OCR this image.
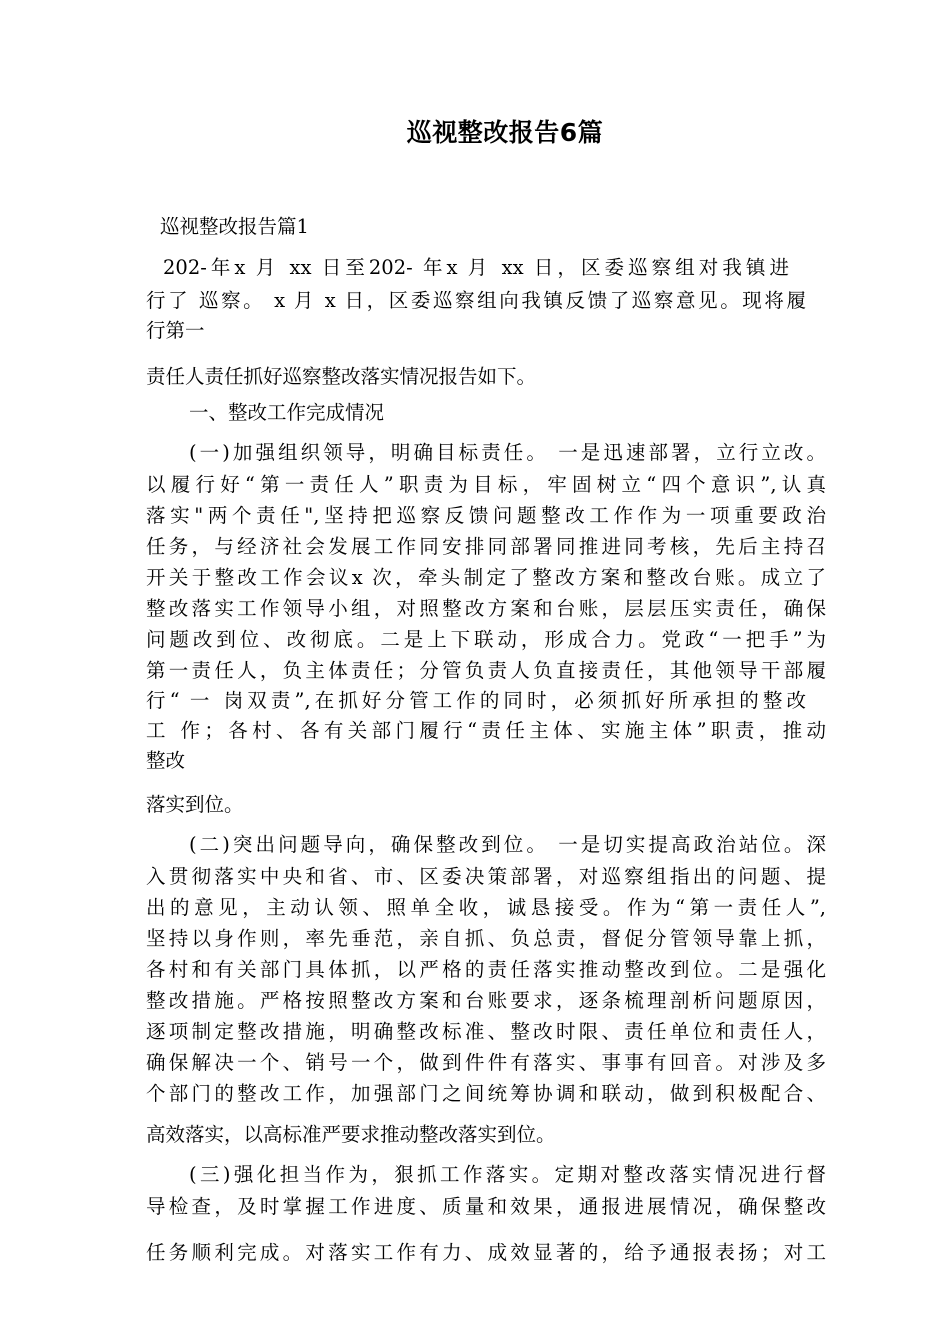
巡视整改报告6篇
巡视整改报告篇1
202-年x 月 xx 日至202- 年x 月 xx 日，区委巡察组对我镇进
行了 巡察。 x 月 x 日，区委巡察组向我镇反馈了巡察意见。现将履
行第一
责任人责任抓好巡察整改落实情况报告如下。
一、整改工作完成情况
(一)加强组织领导，明确目标责任。 一是迅速部署，立行立改。
以履行好“第一责任人”职责为目标，牢固树立“四个意识”,认真
落实"两个责任",坚持把巡察反馈问题整改工作作为一项重要政治
任务，与经济社会发展工作同安排同部署同推进同考核，先后主持召
开关于整改工作会议x 次，牵头制定了整改方案和整改台账。成立了
整改落实工作领导小组，对照整改方案和台账，层层压实责任，确保
问题改到位、改彻底。二是上下联动，形成合力。党政“一把手”为
第一责任人，负主体责任；分管负责人负直接责任，其他领导干部履
行“ 一 岗双责”,在抓好分管工作的同时，必须抓好所承担的整改
工 作；各村、各有关部门履行“责任主体、实施主体”职责，推动
整改
落实到位。
(二)突出问题导向，确保整改到位。 一是切实提高政治站位。深
入贯彻落实中央和省、市、区委决策部署，对巡察组指出的问题、提
出的意见，主动认领、照单全收，诚恳接受。作为“第一责任人”,
坚持以身作则，率先垂范，亲自抓、负总责，督促分管领导靠上抓，
各村和有关部门具体抓，以严格的责任落实推动整改到位。二是强化
整改措施。严格按照整改方案和台账要求，逐条梳理剖析问题原因，
逐项制定整改措施，明确整改标准、整改时限、责任单位和责任人，
确保解决一个、销号一个，做到件件有落实、事事有回音。对涉及多
个部门的整改工作，加强部门之间统筹协调和联动，做到积极配合、
高效落实，以高标准严要求推动整改落实到位。
(三)强化担当作为，狠抓工作落实。定期对整改落实情况进行督
导检查，及时掌握工作进度、质量和效果，通报进展情况，确保整改
任务顺利完成。对落实工作有力、成效显著的，给予通报表扬；对工
